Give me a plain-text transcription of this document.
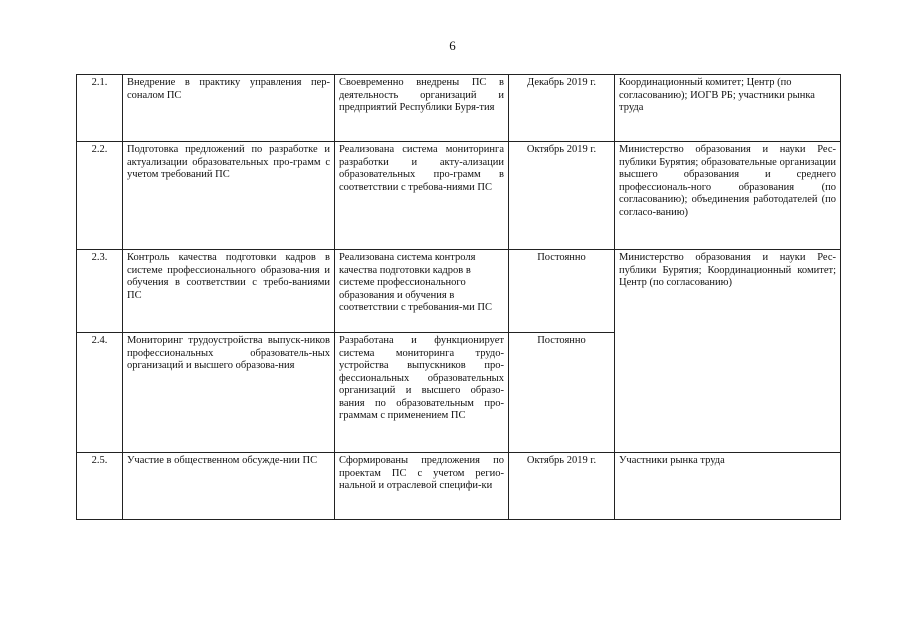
6
2.1.	Внедрение в практику управления пер-соналом ПС	Своевременно внедрены ПС в деятельность организаций и предприятий Республики Буря-тия	Декабрь 2019 г.	Координационный комитет; Центр (по согласованию); ИОГВ РБ; участники рынка труда
2.2.	Подготовка предложений по разработке и актуализации образовательных про-грамм с учетом требований ПС	Реализована система мониторинга разработки и акту-ализации образовательных про-грамм в соответствии с требова-ниями ПС	Октябрь 2019 г.	Министерство образования и науки Рес-публики Бурятия; образовательные организации высшего образования и среднего профессиональ-ного образования (по согласованию); объединения работодателей (по согласо-ванию)
2.3.	Контроль качества подготовки кадров в системе профессионального образова-ния и обучения в соответствии с требо-ваниями ПС	Реализована система контроля качества подготовки кадров в системе профессионального образования и обучения в соответствии с требования-ми ПС	Постоянно	Министерство образования и науки Рес-публики Бурятия; Координационный комитет; Центр (по согласованию)
2.4.	Мониторинг трудоустройства выпуск-ников профессиональных образователь-ных организаций и высшего образова-ния	Разработана и функционирует система мониторинга трудо-устройства выпускников про-фессиональных образовательных организаций и высшего образо-вания по образовательным про-граммам с применением ПС	Постоянно	
2.5.	Участие в общественном обсужде-нии ПС	Сформированы предложения по проектам ПС с учетом регио-нальной и отраслевой специфи-ки	Октябрь 2019 г.	Участники рынка труда
